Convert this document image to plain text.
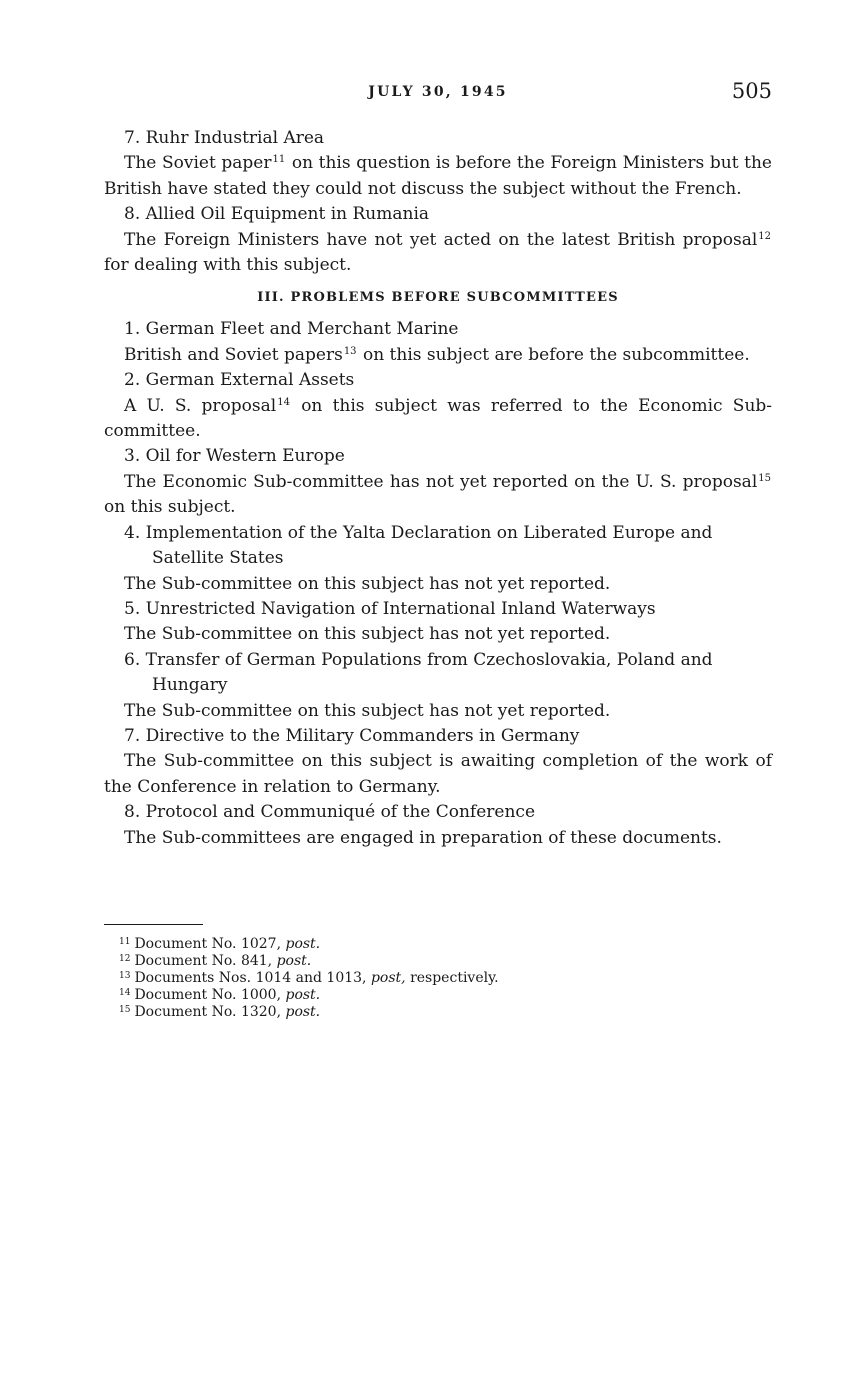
JULY 30, 1945	505

7. Ruhr Industrial Area

The Soviet paper$^{11}$ on this question is before the Foreign Ministers but the British have stated they could not discuss the subject without the French.

8. Allied Oil Equipment in Rumania

The Foreign Ministers have not yet acted on the latest British proposal$^{12}$ for dealing with this subject.

III. PROBLEMS BEFORE SUBCOMMITTEES

1. German Fleet and Merchant Marine

British and Soviet papers$^{13}$ on this subject are before the subcommittee.

2. German External Assets

A U. S. proposal$^{14}$ on this subject was referred to the Economic Sub-committee.

3. Oil for Western Europe

The Economic Sub-committee has not yet reported on the U. S. proposal$^{15}$ on this subject.

4. Implementation of the Yalta Declaration on Liberated Europe and Satellite States

The Sub-committee on this subject has not yet reported.

5. Unrestricted Navigation of International Inland Waterways

The Sub-committee on this subject has not yet reported.

6. Transfer of German Populations from Czechoslovakia, Poland and Hungary

The Sub-committee on this subject has not yet reported.

7. Directive to the Military Commanders in Germany

The Sub-committee on this subject is awaiting completion of the work of the Conference in relation to Germany.

8. Protocol and Communiqué of the Conference

The Sub-committees are engaged in preparation of these documents.

$^{11}$ Document No. 1027, post.

$^{12}$ Document No. 841, post.

$^{13}$ Documents Nos. 1014 and 1013, post, respectively.

$^{14}$ Document No. 1000, post.

$^{15}$ Document No. 1320, post.
